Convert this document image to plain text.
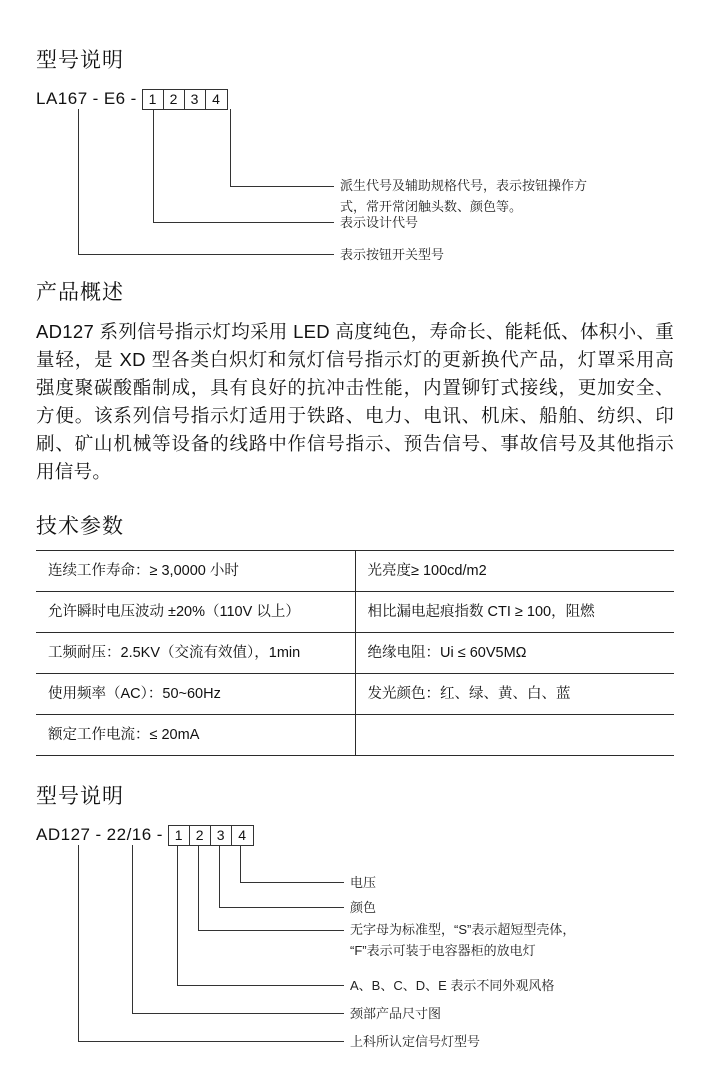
型号说明
LA167 - E6 - 1 2 3 4
派生代号及辅助规格代号，表示按钮操作方
式，常开常闭触头数、颜色等。
表示设计代号
表示按钮开关型号
产品概述

AD127 系列信号指示灯均采用 LED 高度纯色，寿命长、能耗低、体积小、重量轻，是 XD 型各类白炽灯和氖灯信号指示灯的更新换代产品，灯罩采用高强度聚碳酸酯制成，具有良好的抗冲击性能，内置铆钉式接线，更加安全、方便。该系列信号指示灯适用于铁路、电力、电讯、机床、船舶、纺织、印刷、矿山机械等设备的线路中作信号指示、预告信号、事故信号及其他指示用信号。

技术参数
连续工作寿命：≥ 3,0000 小时	光亮度≥ 100cd/m2
允许瞬时电压波动 ±20%（110V 以上）	相比漏电起痕指数 CTI ≥ 100，阻燃
工频耐压：2.5KV（交流有效值），1min	绝缘电阻：Ui ≤ 60V5MΩ
使用频率（AC）：50~60Hz	发光颜色：红、绿、黄、白、蓝
额定工作电流：≤ 20mA	
型号说明
AD127 - 22/16 - 1 2 3 4
电压
颜色
无字母为标准型，“S”表示超短型壳体，
“F”表示可装于电容器柜的放电灯
A、B、C、D、E 表示不同外观风格
颈部产品尺寸图
上科所认定信号灯型号
